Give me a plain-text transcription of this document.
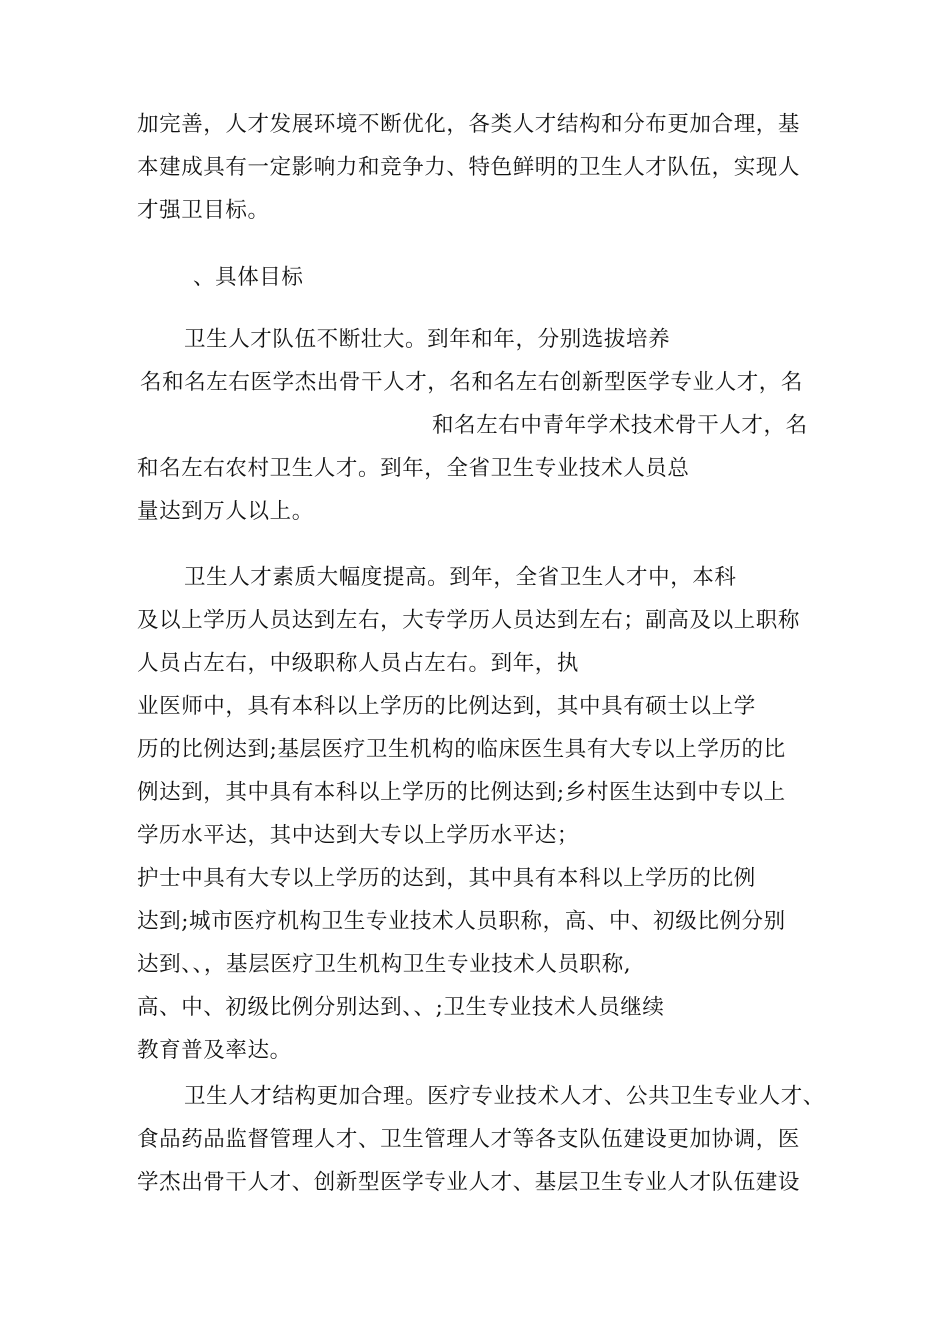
加完善，人才发展环境不断优化，各类人才结构和分布更加合理，基
本建成具有一定影响力和竞争力、特色鲜明的卫生人才队伍，实现人
才强卫目标。
、具体目标
卫生人才队伍不断壮大。到年和年，分别选拔培养
名和名左右医学杰出骨干人才，名和名左右创新型医学专业人才，名
和名左右中青年学术技术骨干人才，名
和名左右农村卫生人才。到年，全省卫生专业技术人员总
量达到万人以上。
卫生人才素质大幅度提高。到年，全省卫生人才中，本科
及以上学历人员达到左右，大专学历人员达到左右；副高及以上职称
人员占左右，中级职称人员占左右。到年，执
业医师中，具有本科以上学历的比例达到，其中具有硕士以上学
历的比例达到;基层医疗卫生机构的临床医生具有大专以上学历的比
例达到，其中具有本科以上学历的比例达到;乡村医生达到中专以上
学历水平达，其中达到大专以上学历水平达；
护士中具有大专以上学历的达到，其中具有本科以上学历的比例
达到;城市医疗机构卫生专业技术人员职称，高、中、初级比例分别
达到、、，基层医疗卫生机构卫生专业技术人员职称,
高、中、初级比例分别达到、、;卫生专业技术人员继续
教育普及率达。
卫生人才结构更加合理。医疗专业技术人才、公共卫生专业人才、
食品药品监督管理人才、卫生管理人才等各支队伍建设更加协调，医
学杰出骨干人才、创新型医学专业人才、基层卫生专业人才队伍建设
